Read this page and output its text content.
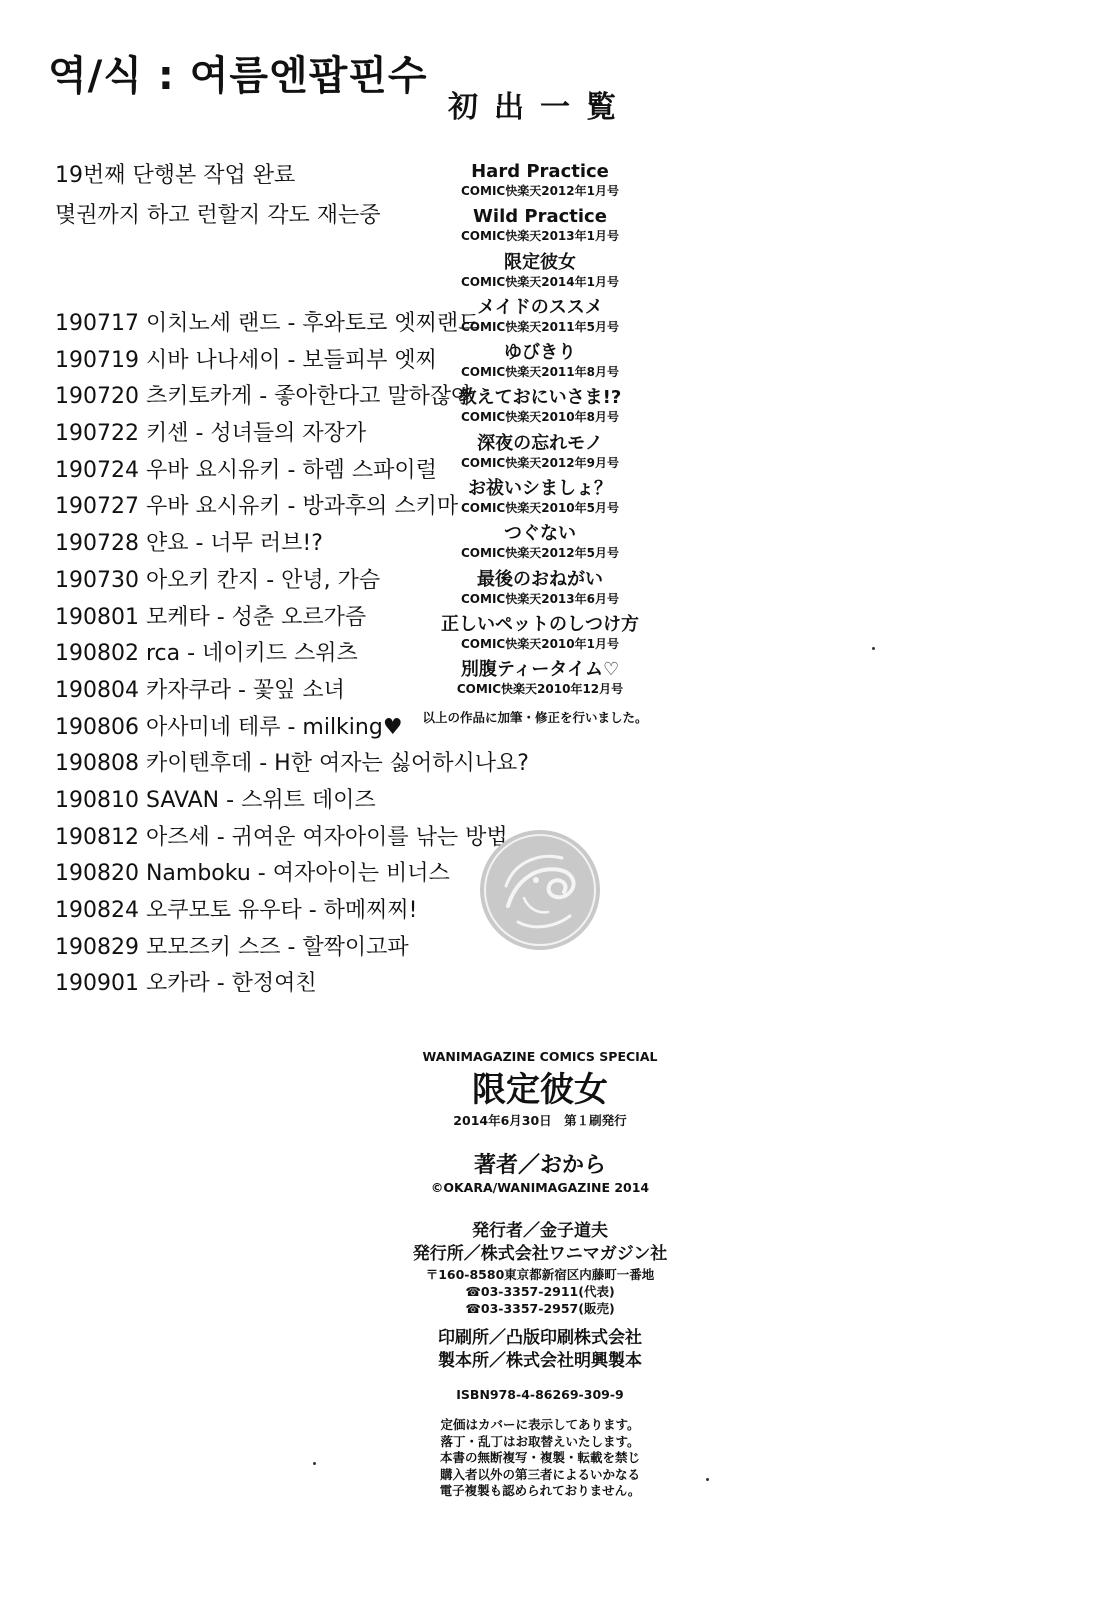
역/식 : 여름엔팝핀수
19번째 단행본 작업 완료
몇권까지 하고 런할지 각도 재는중
190717 이치노세 랜드 - 후와토로 엣찌랜드
190719 시바 나나세이 - 보들피부 엣찌
190720 츠키토카게 - 좋아한다고 말하잖아
190722 키센 - 성녀들의 자장가
190724 우바 요시유키 - 하렘 스파이럴
190727 우바 요시유키 - 방과후의 스키마
190728 얀요 - 너무 러브!?
190730 아오키 칸지 - 안녕, 가슴
190801 모케타 - 성춘 오르가즘
190802 rca - 네이키드 스위츠
190804 카자쿠라 - 꽃잎 소녀
190806 아사미네 테루 - milking♥
190808 카이텐후데 - H한 여자는 싫어하시나요?
190810 SAVAN - 스위트 데이즈
190812 아즈세 - 귀여운 여자아이를 낚는 방법
190820 Namboku - 여자아이는 비너스
190824 오쿠모토 유우타 - 하메찌찌!
190829 모모즈키 스즈 - 할짝이고파
190901 오카라 - 한정여친
初出一覧
Hard Practice
COMIC快楽天2012年1月号
Wild Practice
COMIC快楽天2013年1月号
限定彼女
COMIC快楽天2014年1月号
メイドのススメ
COMIC快楽天2011年5月号
ゆびきり
COMIC快楽天2011年8月号
教えておにいさま!?
COMIC快楽天2010年8月号
深夜の忘れモノ
COMIC快楽天2012年9月号
お祓いシましょ？
COMIC快楽天2010年5月号
つぐない
COMIC快楽天2012年5月号
最後のおねがい
COMIC快楽天2013年6月号
正しいペットのしつけ方
COMIC快楽天2010年1月号
別腹ティータイム♡
COMIC快楽天2010年12月号
以上の作品に加筆・修正を行いました。
WANIMAGAZINE COMICS SPECIAL
限定彼女
2014年6月30日　第１刷発行
著者／おから
©OKARA/WANIMAGAZINE 2014
発行者／金子道夫
発行所／株式会社ワニマガジン社
〒160-8580東京都新宿区内藤町一番地
☎03-3357-2911(代表)
☎03-3357-2957(販売)
印刷所／凸版印刷株式会社
製本所／株式会社明興製本
ISBN978-4-86269-309-9
定価はカバーに表示してあります。
落丁・乱丁はお取替えいたします。
本書の無断複写・複製・転載を禁じ
購入者以外の第三者によるいかなる
電子複製も認められておりません。
